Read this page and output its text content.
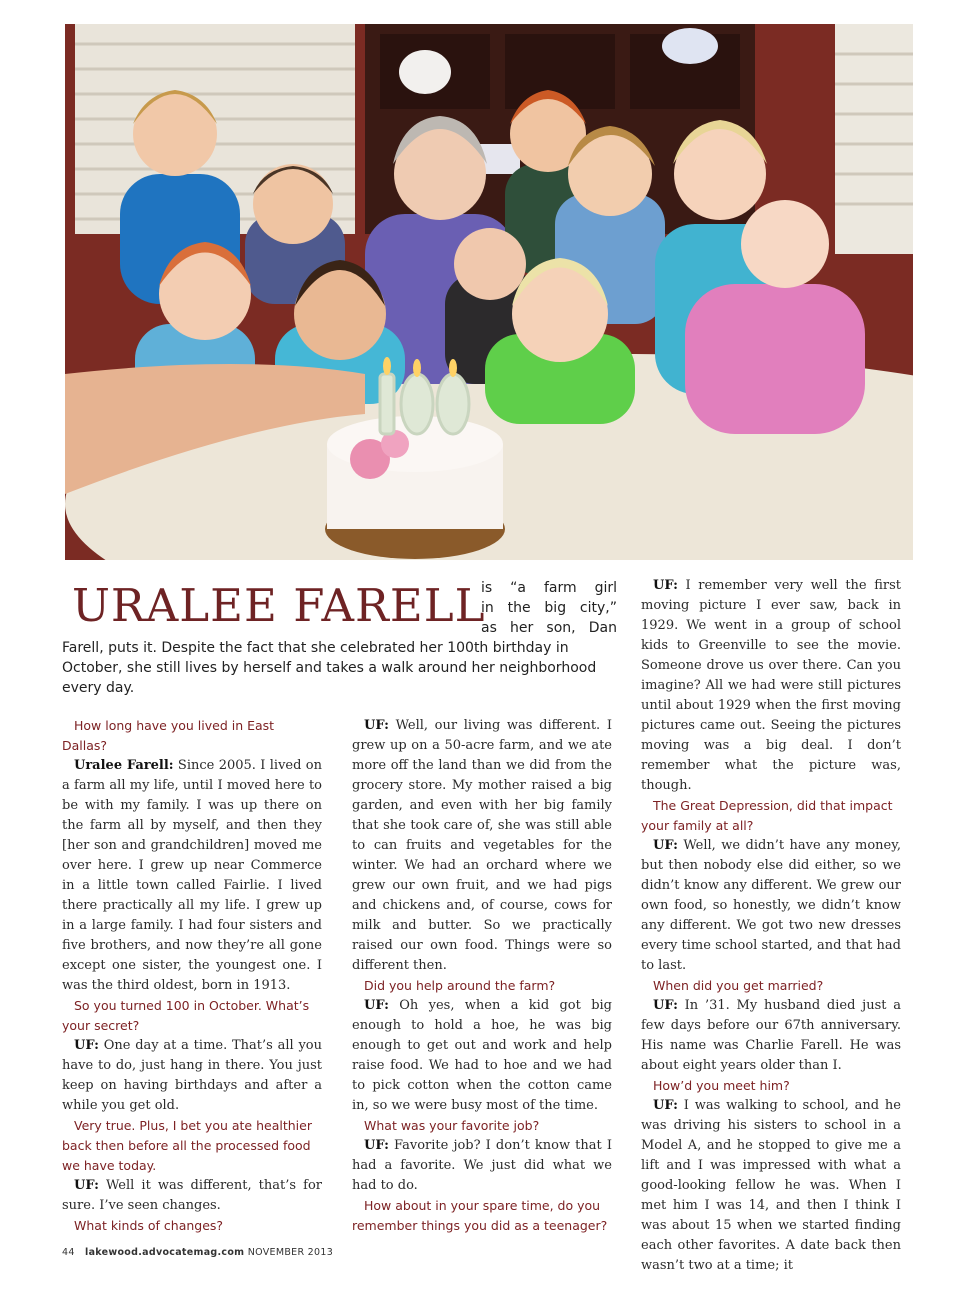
URALEE FARELL
is “a farm girl
in the big city,”
as her son, Dan
Farell, puts it. Despite the fact that she celebrated her 100th birthday in
October, she still lives by herself and takes a walk around her neighborhood
every day.

How long have you lived in East Dallas?

Uralee Farell: Since 2005. I lived on a farm all my life, until I moved here to be with my family. I was up there on the farm all by myself, and then they [her son and grandchildren] moved me over here. I grew up near Commerce in a little town called Fairlie. I lived there practically all my life. I grew up in a large family. I had four sisters and five brothers, and now they’re all gone except one sister, the youngest one. I was the third oldest, born in 1913.

So you turned 100 in October. What’s your secret?

UF: One day at a time. That’s all you have to do, just hang in there. You just keep on having birthdays and after a while you get old.

Very true. Plus, I bet you ate healthier back then before all the processed food we have today.

UF: Well it was different, that’s for sure. I’ve seen changes.

What kinds of changes?

UF: Well, our living was different. I grew up on a 50-acre farm, and we ate more off the land than we did from the grocery store. My mother raised a big garden, and even with her big family that she took care of, she was still able to can fruits and vegetables for the winter. We had an orchard where we grew our own fruit, and we had pigs and chickens and, of course, cows for milk and butter. So we practically raised our own food. Things were so different then.

Did you help around the farm?

UF: Oh yes, when a kid got big enough to hold a hoe, he was big enough to get out and work and help raise food. We had to hoe and we had to pick cotton when the cotton came in, so we were busy most of the time.

What was your favorite job?

UF: Favorite job? I don’t know that I had a favorite. We just did what we had to do.

How about in your spare time, do you remember things you did as a teenager?

UF: I remember very well the first moving picture I ever saw, back in 1929. We went in a group of school kids to Greenville to see the movie. Someone drove us over there. Can you imagine? All we had were still pictures until about 1929 when the first moving pictures came out. Seeing the pictures moving was a big deal. I don’t remember what the picture was, though.

The Great Depression, did that impact your family at all?

UF: Well, we didn’t have any money, but then nobody else did either, so we didn’t know any different. We grew our own food, so honestly, we didn’t know any different. We got two new dresses every time school started, and that had to last.

When did you get married?

UF: In ’31. My husband died just a few days before our 67th anniversary. His name was Charlie Farell. He was about eight years older than I.

How’d you meet him?

UF: I was walking to school, and he was driving his sisters to school in a Model A, and he stopped to give me a lift and I was impressed with what a good-looking fellow he was. When I met him I was 14, and then I think I was about 15 when we started finding each other favorites. A date back then wasn’t two at a time; it

44 lakewood.advocatemag.com NOVEMBER 2013
